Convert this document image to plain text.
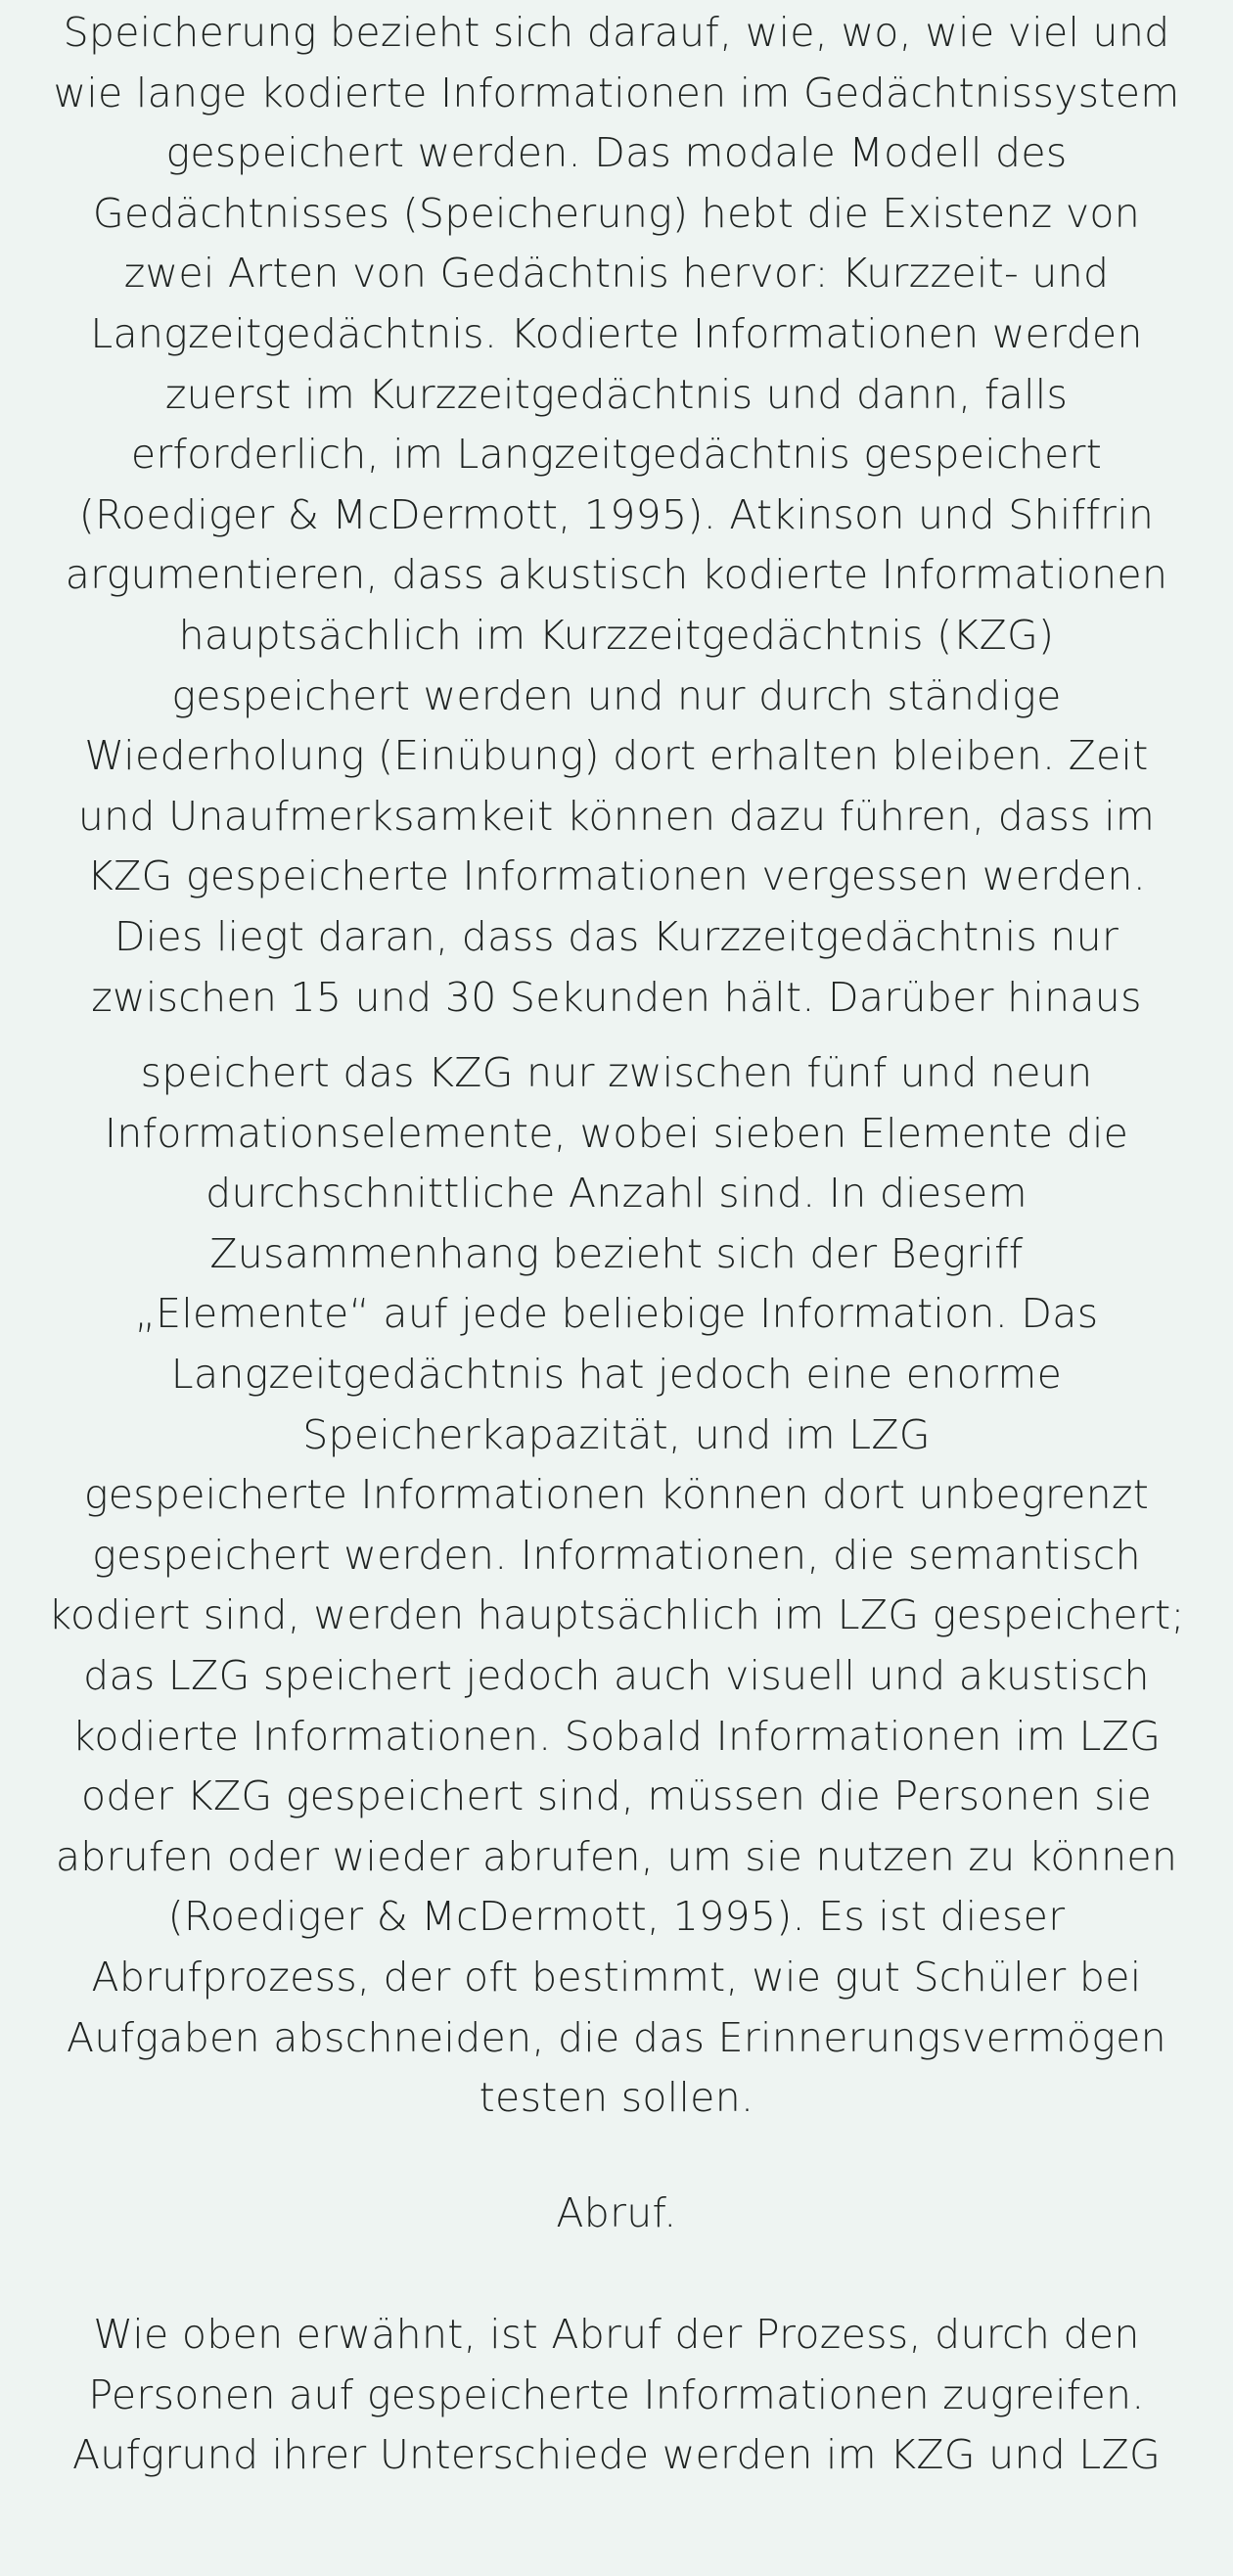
Speicherung bezieht sich darauf, wie, wo, wie viel und
wie lange kodierte Informationen im Gedächtnissystem
gespeichert werden. Das modale Modell des
Gedächtnisses (Speicherung) hebt die Existenz von
zwei Arten von Gedächtnis hervor: Kurzzeit- und
Langzeitgedächtnis. Kodierte Informationen werden
zuerst im Kurzzeitgedächtnis und dann, falls
erforderlich, im Langzeitgedächtnis gespeichert
(Roediger & McDermott, 1995). Atkinson und Shiffrin
argumentieren, dass akustisch kodierte Informationen
hauptsächlich im Kurzzeitgedächtnis (KZG)
gespeichert werden und nur durch ständige
Wiederholung (Einübung) dort erhalten bleiben. Zeit
und Unaufmerksamkeit können dazu führen, dass im
KZG gespeicherte Informationen vergessen werden.
Dies liegt daran, dass das Kurzzeitgedächtnis nur
zwischen 15 und 30 Sekunden hält. Darüber hinaus
speichert das KZG nur zwischen fünf und neun
Informationselemente, wobei sieben Elemente die
durchschnittliche Anzahl sind. In diesem
Zusammenhang bezieht sich der Begriff
„Elemente“ auf jede beliebige Information. Das
Langzeitgedächtnis hat jedoch eine enorme
Speicherkapazität, und im LZG
gespeicherte Informationen können dort unbegrenzt
gespeichert werden. Informationen, die semantisch
kodiert sind, werden hauptsächlich im LZG gespeichert;
das LZG speichert jedoch auch visuell und akustisch
kodierte Informationen. Sobald Informationen im LZG
oder KZG gespeichert sind, müssen die Personen sie
abrufen oder wieder abrufen, um sie nutzen zu können
(Roediger & McDermott, 1995). Es ist dieser
Abrufprozess, der oft bestimmt, wie gut Schüler bei
Aufgaben abschneiden, die das Erinnerungsvermögen
testen sollen.
Abruf.
Wie oben erwähnt, ist Abruf der Prozess, durch den
Personen auf gespeicherte Informationen zugreifen.
Aufgrund ihrer Unterschiede werden im KZG und LZG
